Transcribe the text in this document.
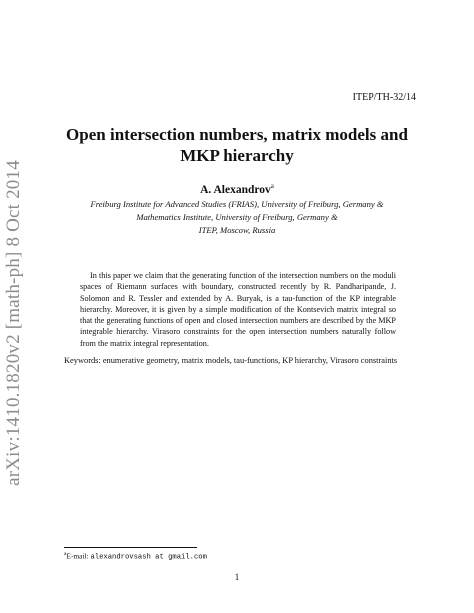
arXiv:1410.1820v2 [math-ph] 8 Oct 2014
ITEP/TH-32/14
Open intersection numbers, matrix models and MKP hierarchy
A. Alexandrov$^a$
Freiburg Institute for Advanced Studies (FRIAS), University of Freiburg, Germany &
Mathematics Institute, University of Freiburg, Germany &
ITEP, Moscow, Russia

In this paper we claim that the generating function of the intersection numbers on the moduli spaces of Riemann surfaces with boundary, constructed recently by R. Pandharipande, J. Solomon and R. Tessler and extended by A. Buryak, is a tau-function of the KP integrable hierarchy. Moreover, it is given by a simple modification of the Kontsevich matrix integral so that the generating functions of open and closed intersection numbers are described by the MKP integrable hierarchy. Virasoro constraints for the open intersection numbers naturally follow from the matrix integral representation.

Keywords: enumerative geometry, matrix models, tau-functions, KP hierarchy, Virasoro constraints

$^a$E-mail: alexandrovsash at gmail.com
1
